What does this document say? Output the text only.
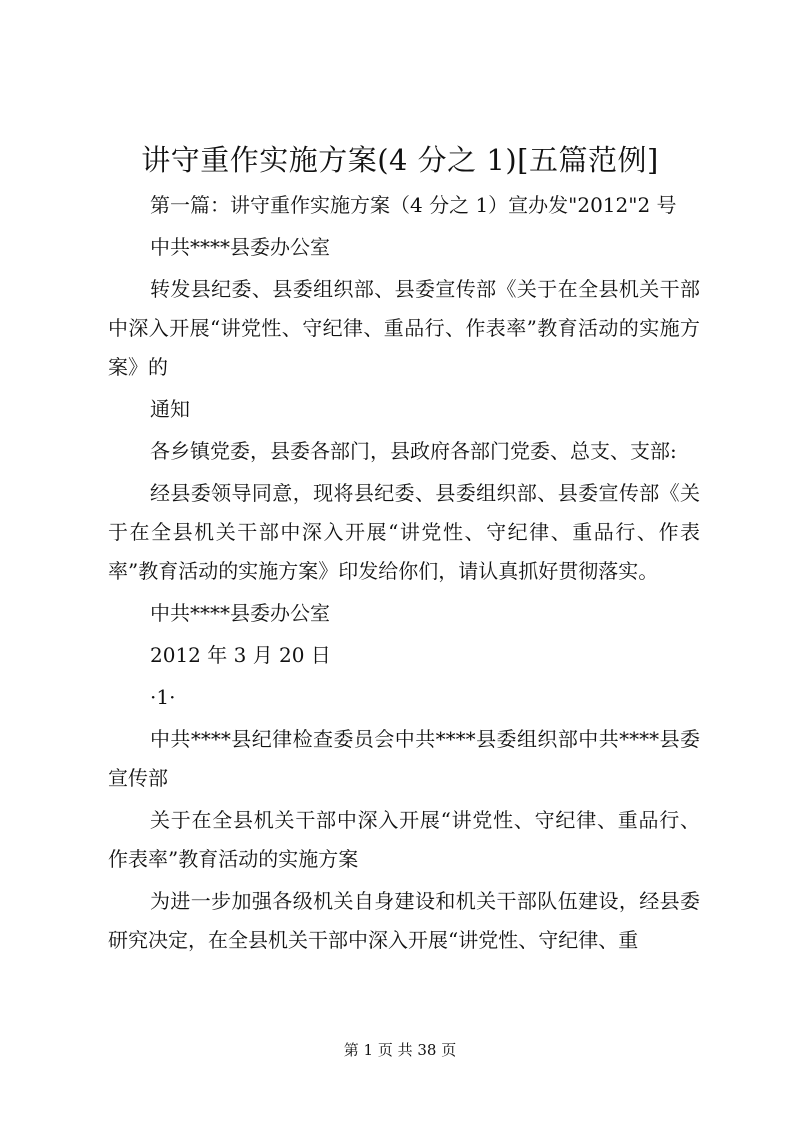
讲守重作实施方案(4 分之 1)[五篇范例]

第一篇：讲守重作实施方案（4 分之 1）宣办发"2012"2 号

中共****县委办公室

转发县纪委、县委组织部、县委宣传部《关于在全县机关干部中深入开展“讲党性、守纪律、重品行、作表率”教育活动的实施方案》的

通知

各乡镇党委，县委各部门，县政府各部门党委、总支、支部:

经县委领导同意，现将县纪委、县委组织部、县委宣传部《关于在全县机关干部中深入开展“讲党性、守纪律、重品行、作表率”教育活动的实施方案》印发给你们，请认真抓好贯彻落实。

中共****县委办公室

2012 年 3 月 20 日

·1·

中共****县纪律检查委员会中共****县委组织部中共****县委宣传部

关于在全县机关干部中深入开展“讲党性、守纪律、重品行、作表率”教育活动的实施方案

为进一步加强各级机关自身建设和机关干部队伍建设，经县委研究决定，在全县机关干部中深入开展“讲党性、守纪律、重

第 1 页 共 38 页
